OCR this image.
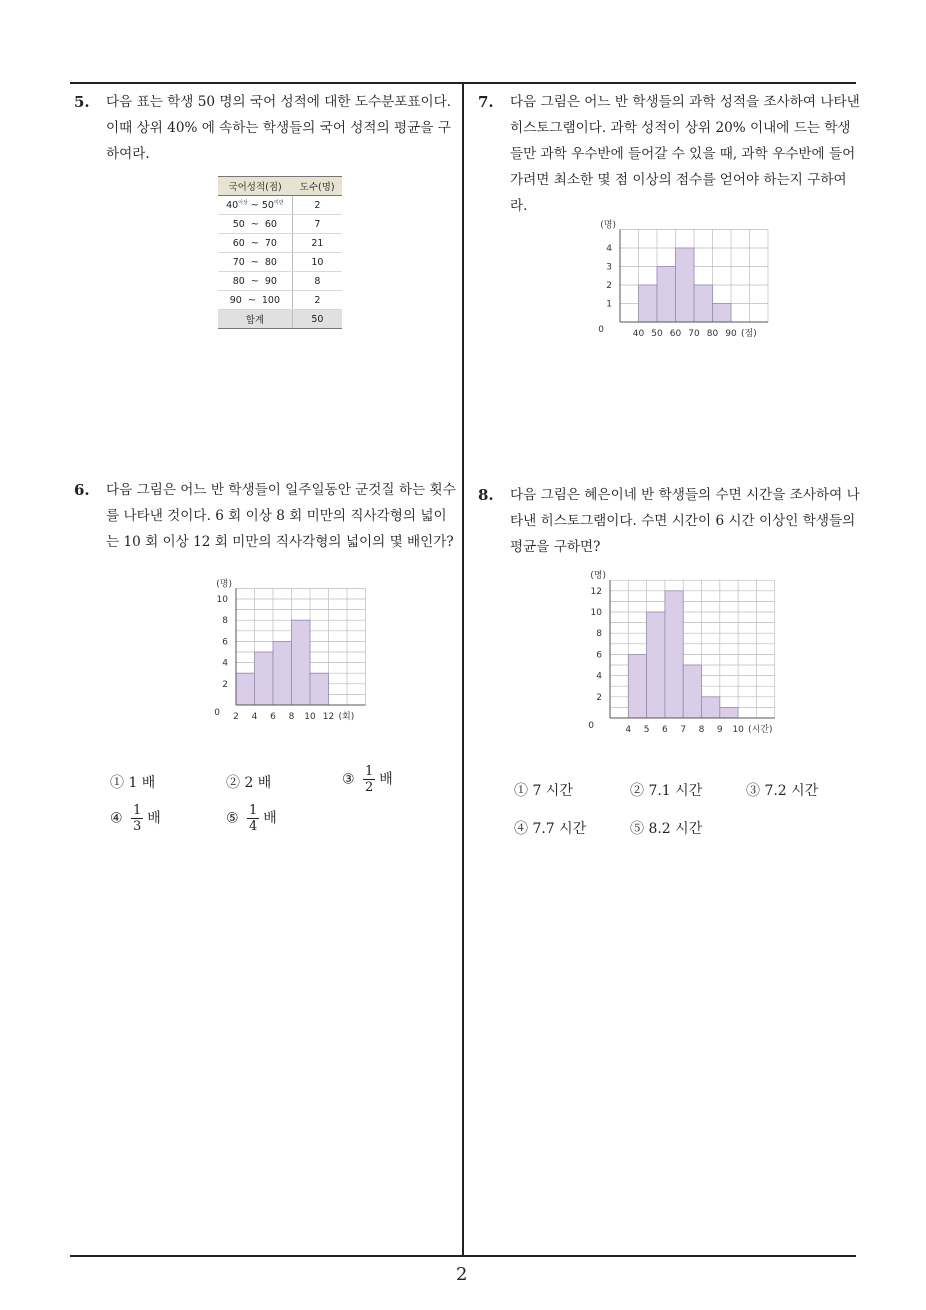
5. 다음 표는 학생 50 명의 국어 성적에 대한 도수분포표이다. 이때 상위 40% 에 속하는 학생들의 국어 성적의 평균을 구하여라.
국어성적(점)	도수(명)
$40^{이상}$ ~ $50^{미만}$	2
50  ~  60	7
60  ~  70	21
70  ~  80	10
80  ~  90	8
90  ~  100	2
합계	50
7. 다음 그림은 어느 반 학생들의 과학 성적을 조사하여 나타낸 히스토그램이다. 과학 성적이 상위 20% 이내에 드는 학생들만 과학 우수반에 들어갈 수 있을 때, 과학 우수반에 들어가려면 최소한 몇 점 이상의 점수를 얻어야 하는지 구하여라.
40 50 60 70 80 90 (점)
1
2
3
4
0
(명)
6. 다음 그림은 어느 반 학생들이 일주일동안 군것질 하는 횟수를 나타낸 것이다. 6 회 이상 8 회 미만의 직사각형의 넓이는 10 회 이상 12 회 미만의 직사각형의 넓이의 몇 배인가?
2 4 6 8 10 12 (회)
2
4
6
8
10
0
(명)
① 1 배	② 2 배	③ $\frac{1}{2}$ 배
④ $\frac{1}{3}$ 배	⑤ $\frac{1}{4}$ 배
8. 다음 그림은 혜은이네 반 학생들의 수면 시간을 조사하여 나타낸 히스토그램이다. 수면 시간이 6 시간 이상인 학생들의 평균을 구하면?
4 5 6 7 8 9 10 (시간)
2
4
6
8
10
12
0
(명)
① 7 시간	② 7.1 시간	③ 7.2 시간
④ 7.7 시간	⑤ 8.2 시간
2
